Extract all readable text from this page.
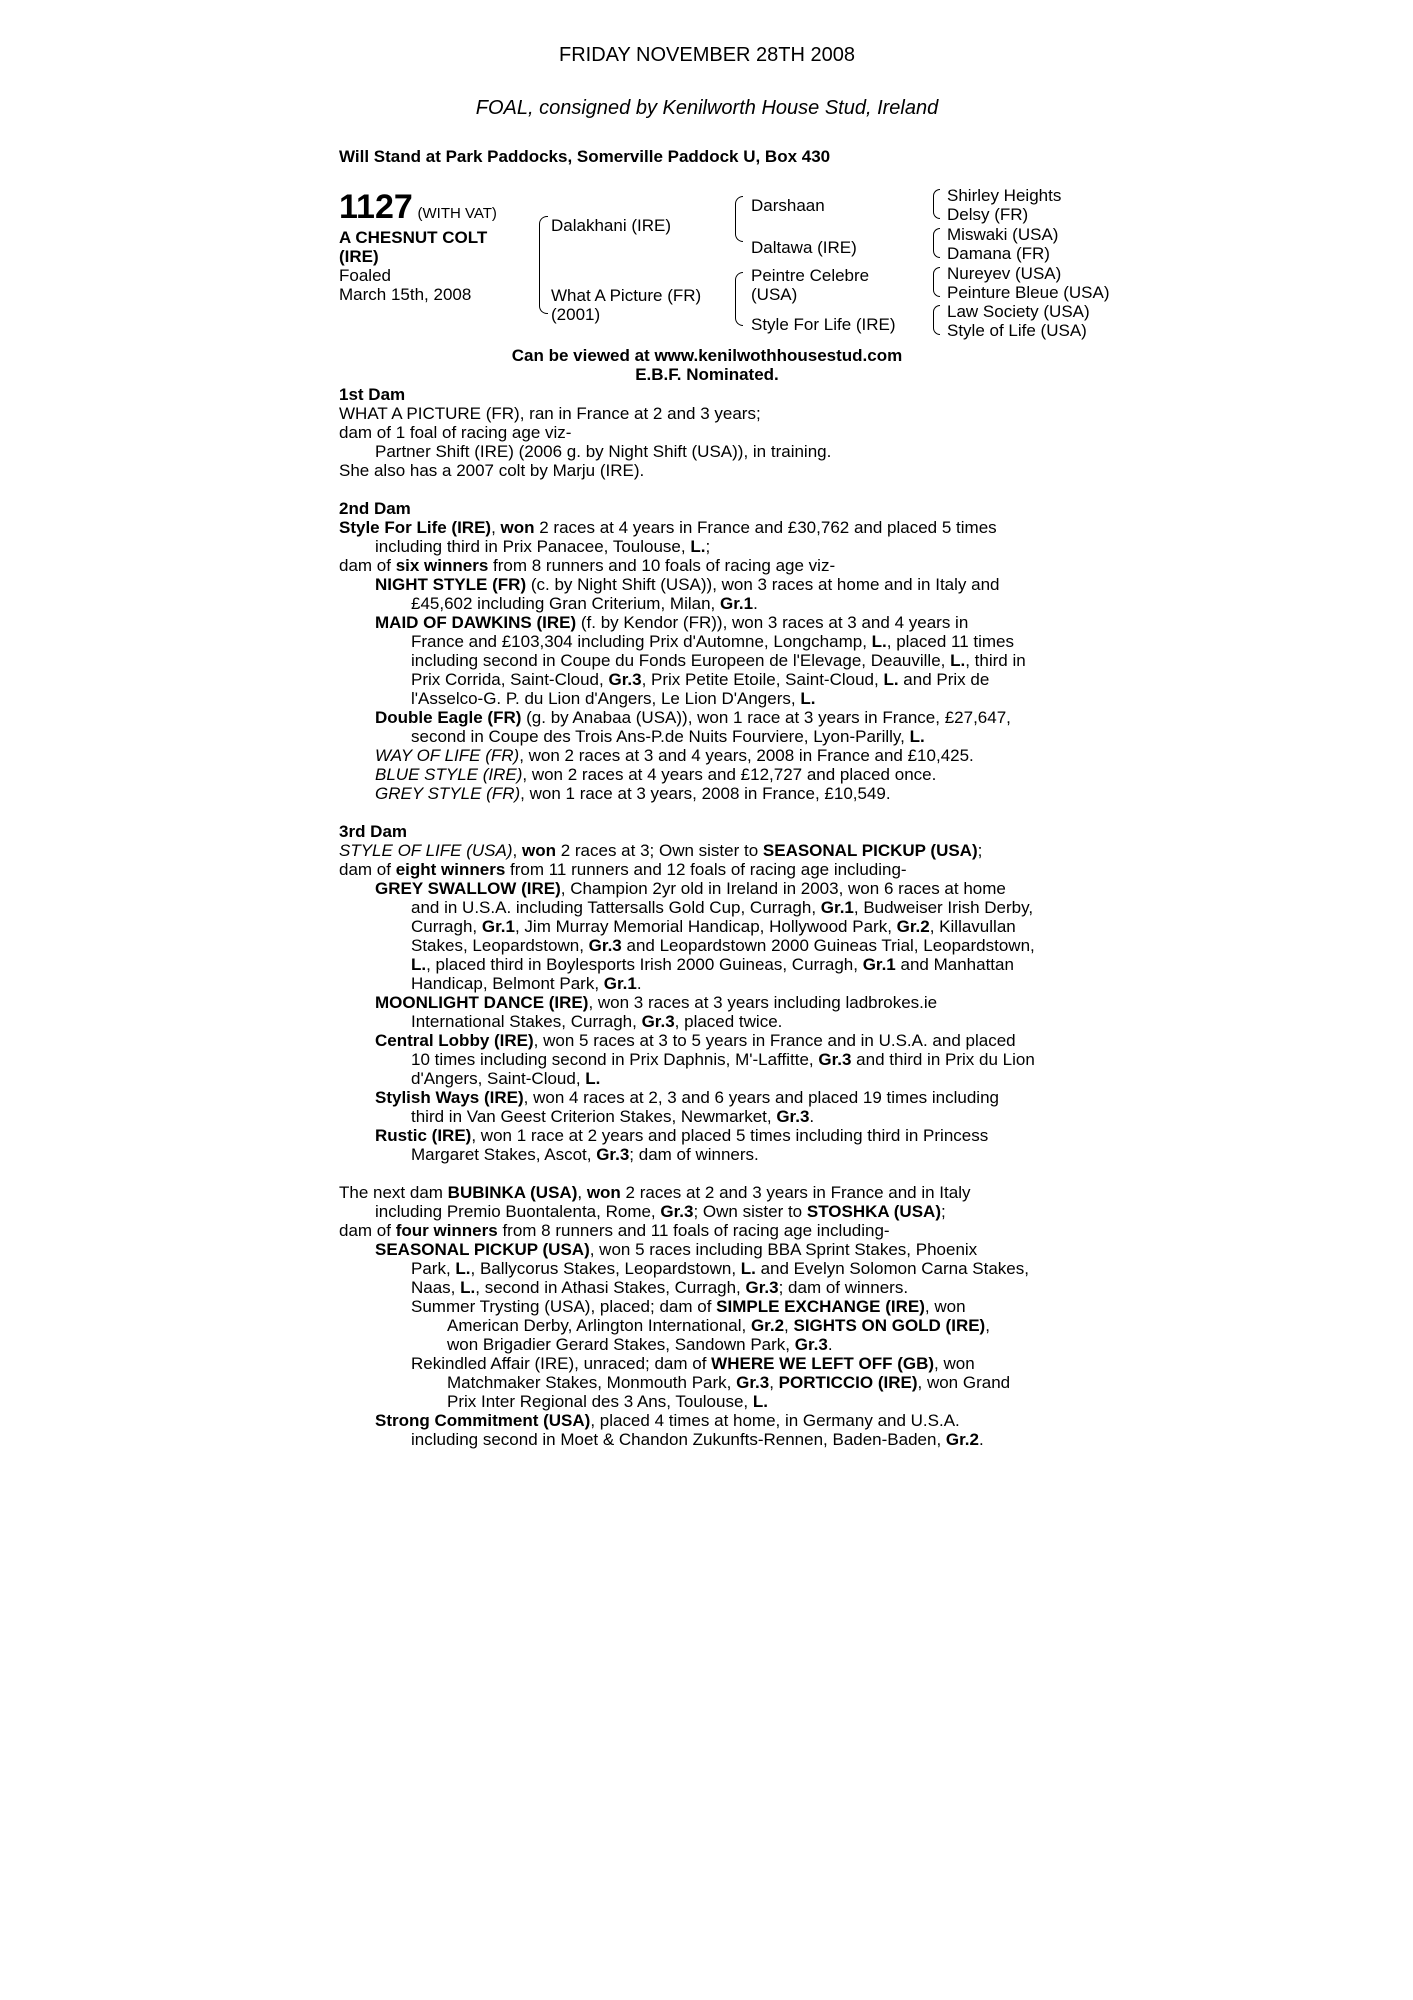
FRIDAY NOVEMBER 28TH 2008
FOAL, consigned by Kenilworth House Stud, Ireland
Will Stand at Park Paddocks, Somerville Paddock U, Box 430
1127 (WITH VAT)
A CHESNUT COLT
(IRE)
Foaled
March 15th, 2008
Dalakhani (IRE)
What A Picture (FR)
(2001)
Darshaan
Daltawa (IRE)
Peintre Celebre
(USA)
Style For Life (IRE)
Shirley Heights
Delsy (FR)
Miswaki (USA)
Damana (FR)
Nureyev (USA)
Peinture Bleue (USA)
Law Society (USA)
Style of Life (USA)
Can be viewed at www.kenilwothhousestud.com
E.B.F. Nominated.
1st Dam
WHAT A PICTURE (FR), ran in France at 2 and 3 years;
dam of 1 foal of racing age viz-
Partner Shift (IRE) (2006 g. by Night Shift (USA)), in training.
She also has a 2007 colt by Marju (IRE).
2nd Dam
Style For Life (IRE), won 2 races at 4 years in France and £30,762 and placed 5 times
including third in Prix Panacee, Toulouse, L.;
dam of six winners from 8 runners and 10 foals of racing age viz-
NIGHT STYLE (FR) (c. by Night Shift (USA)), won 3 races at home and in Italy and
£45,602 including Gran Criterium, Milan, Gr.1.
MAID OF DAWKINS (IRE) (f. by Kendor (FR)), won 3 races at 3 and 4 years in
France and £103,304 including Prix d'Automne, Longchamp, L., placed 11 times
including second in Coupe du Fonds Europeen de l'Elevage, Deauville, L., third in
Prix Corrida, Saint-Cloud, Gr.3, Prix Petite Etoile, Saint-Cloud, L. and Prix de
l'Asselco-G. P. du Lion d'Angers, Le Lion D'Angers, L.
Double Eagle (FR) (g. by Anabaa (USA)), won 1 race at 3 years in France, £27,647,
second in Coupe des Trois Ans-P.de Nuits Fourviere, Lyon-Parilly, L.
WAY OF LIFE (FR), won 2 races at 3 and 4 years, 2008 in France and £10,425.
BLUE STYLE (IRE), won 2 races at 4 years and £12,727 and placed once.
GREY STYLE (FR), won 1 race at 3 years, 2008 in France, £10,549.
3rd Dam
STYLE OF LIFE (USA), won 2 races at 3; Own sister to SEASONAL PICKUP (USA);
dam of eight winners from 11 runners and 12 foals of racing age including-
GREY SWALLOW (IRE), Champion 2yr old in Ireland in 2003, won 6 races at home
and in U.S.A. including Tattersalls Gold Cup, Curragh, Gr.1, Budweiser Irish Derby,
Curragh, Gr.1, Jim Murray Memorial Handicap, Hollywood Park, Gr.2, Killavullan
Stakes, Leopardstown, Gr.3 and Leopardstown 2000 Guineas Trial, Leopardstown,
L., placed third in Boylesports Irish 2000 Guineas, Curragh, Gr.1 and Manhattan
Handicap, Belmont Park, Gr.1.
MOONLIGHT DANCE (IRE), won 3 races at 3 years including ladbrokes.ie
International Stakes, Curragh, Gr.3, placed twice.
Central Lobby (IRE), won 5 races at 3 to 5 years in France and in U.S.A. and placed
10 times including second in Prix Daphnis, M'-Laffitte, Gr.3 and third in Prix du Lion
d'Angers, Saint-Cloud, L.
Stylish Ways (IRE), won 4 races at 2, 3 and 6 years and placed 19 times including
third in Van Geest Criterion Stakes, Newmarket, Gr.3.
Rustic (IRE), won 1 race at 2 years and placed 5 times including third in Princess
Margaret Stakes, Ascot, Gr.3; dam of winners.
The next dam BUBINKA (USA), won 2 races at 2 and 3 years in France and in Italy
including Premio Buontalenta, Rome, Gr.3; Own sister to STOSHKA (USA);
dam of four winners from 8 runners and 11 foals of racing age including-
SEASONAL PICKUP (USA), won 5 races including BBA Sprint Stakes, Phoenix
Park, L., Ballycorus Stakes, Leopardstown, L. and Evelyn Solomon Carna Stakes,
Naas, L., second in Athasi Stakes, Curragh, Gr.3; dam of winners.
Summer Trysting (USA), placed; dam of SIMPLE EXCHANGE (IRE), won
American Derby, Arlington International, Gr.2, SIGHTS ON GOLD (IRE),
won Brigadier Gerard Stakes, Sandown Park, Gr.3.
Rekindled Affair (IRE), unraced; dam of WHERE WE LEFT OFF (GB), won
Matchmaker Stakes, Monmouth Park, Gr.3, PORTICCIO (IRE), won Grand
Prix Inter Regional des 3 Ans, Toulouse, L.
Strong Commitment (USA), placed 4 times at home, in Germany and U.S.A.
including second in Moet & Chandon Zukunfts-Rennen, Baden-Baden, Gr.2.
